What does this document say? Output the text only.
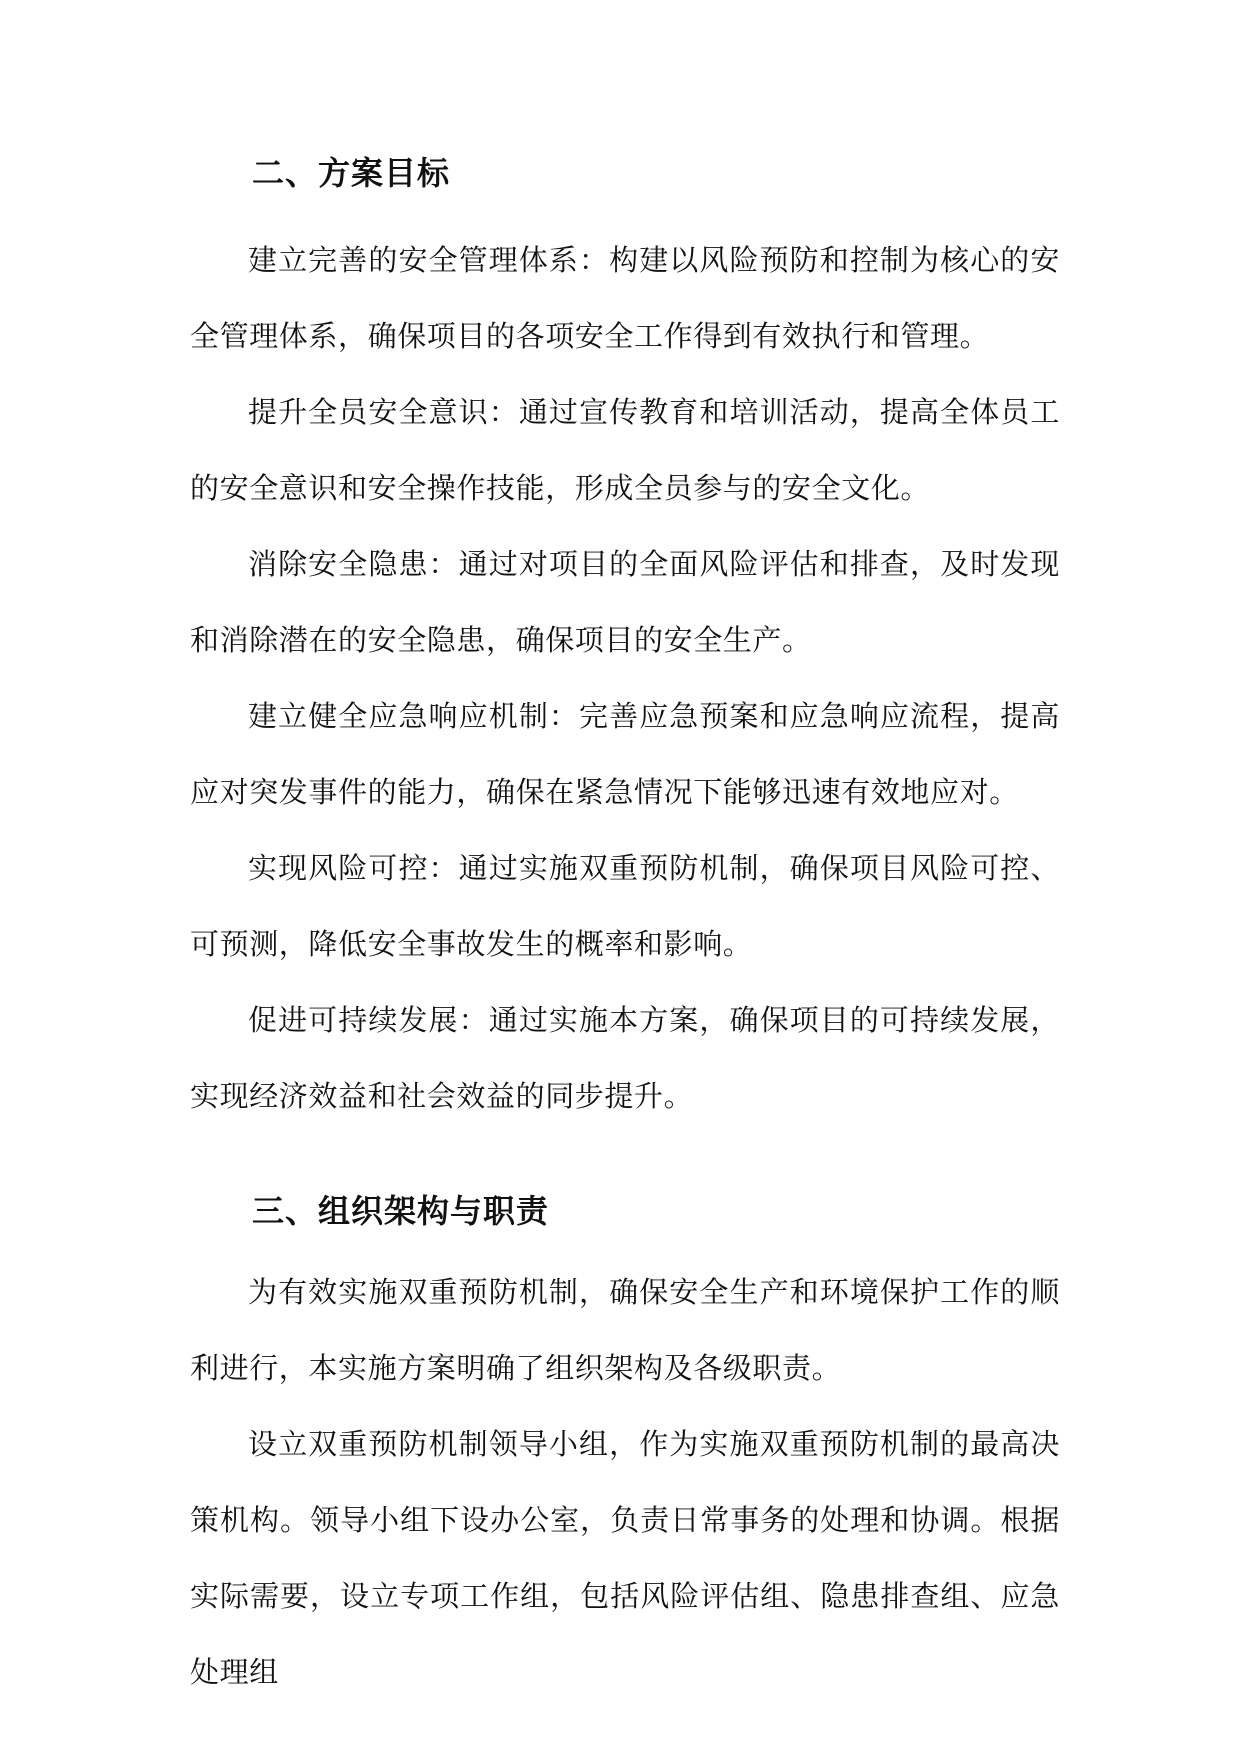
二、方案目标

建立完善的安全管理体系：构建以风险预防和控制为核心的安全管理体系，确保项目的各项安全工作得到有效执行和管理。

提升全员安全意识：通过宣传教育和培训活动，提高全体员工的安全意识和安全操作技能，形成全员参与的安全文化。

消除安全隐患：通过对项目的全面风险评估和排查，及时发现和消除潜在的安全隐患，确保项目的安全生产。

建立健全应急响应机制：完善应急预案和应急响应流程，提高应对突发事件的能力，确保在紧急情况下能够迅速有效地应对。

实现风险可控：通过实施双重预防机制，确保项目风险可控、可预测，降低安全事故发生的概率和影响。

促进可持续发展：通过实施本方案，确保项目的可持续发展，实现经济效益和社会效益的同步提升。

三、组织架构与职责

为有效实施双重预防机制，确保安全生产和环境保护工作的顺利进行，本实施方案明确了组织架构及各级职责。

设立双重预防机制领导小组，作为实施双重预防机制的最高决策机构。领导小组下设办公室，负责日常事务的处理和协调。根据实际需要，设立专项工作组，包括风险评估组、隐患排查组、应急处理组
